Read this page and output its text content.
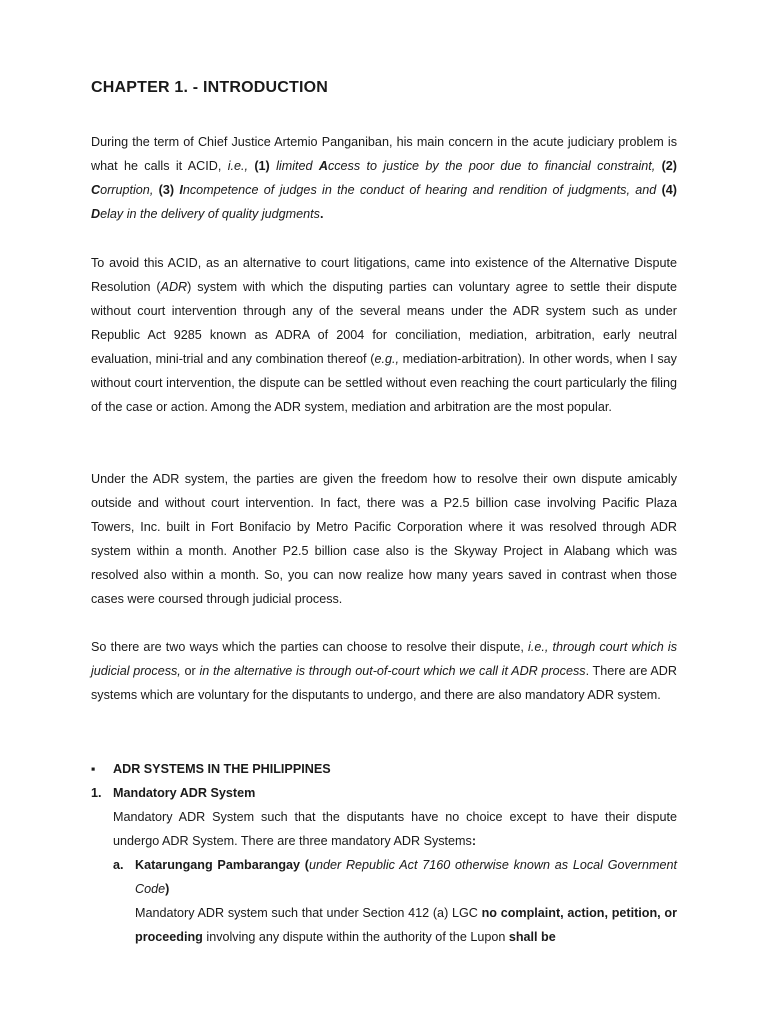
CHAPTER 1. - INTRODUCTION

During the term of Chief Justice Artemio Panganiban, his main concern in the acute judiciary problem is what he calls it ACID, i.e., (1) limited Access to justice by the poor due to financial constraint, (2) Corruption, (3) Incompetence of judges in the conduct of hearing and rendition of judgments, and (4) Delay in the delivery of quality judgments.

To avoid this ACID, as an alternative to court litigations, came into existence of the Alternative Dispute Resolution (ADR) system with which the disputing parties can voluntary agree to settle their dispute without court intervention through any of the several means under the ADR system such as under Republic Act 9285 known as ADRA of 2004 for conciliation, mediation, arbitration, early neutral evaluation, mini-trial and any combination thereof (e.g., mediation-arbitration). In other words, when I say without court intervention, the dispute can be settled without even reaching the court particularly the filing of the case or action. Among the ADR system, mediation and arbitration are the most popular.

Under the ADR system, the parties are given the freedom how to resolve their own dispute amicably outside and without court intervention. In fact, there was a P2.5 billion case involving Pacific Plaza Towers, Inc. built in Fort Bonifacio by Metro Pacific Corporation where it was resolved through ADR system within a month. Another P2.5 billion case also is the Skyway Project in Alabang which was resolved also within a month. So, you can now realize how many years saved in contrast when those cases were coursed through judicial process.

So there are two ways which the parties can choose to resolve their dispute, i.e., through court which is judicial process, or in the alternative is through out-of-court which we call it ADR process. There are ADR systems which are voluntary for the disputants to undergo, and there are also mandatory ADR system.

▪ ADR SYSTEMS IN THE PHILIPPINES
1. Mandatory ADR System

Mandatory ADR System such that the disputants have no choice except to have their dispute undergo ADR System. There are three mandatory ADR Systems:

a. Katarungang Pambarangay (under Republic Act 7160 otherwise known as Local Government Code)

Mandatory ADR system such that under Section 412 (a) LGC no complaint, action, petition, or proceeding involving any dispute within the authority of the Lupon shall be
